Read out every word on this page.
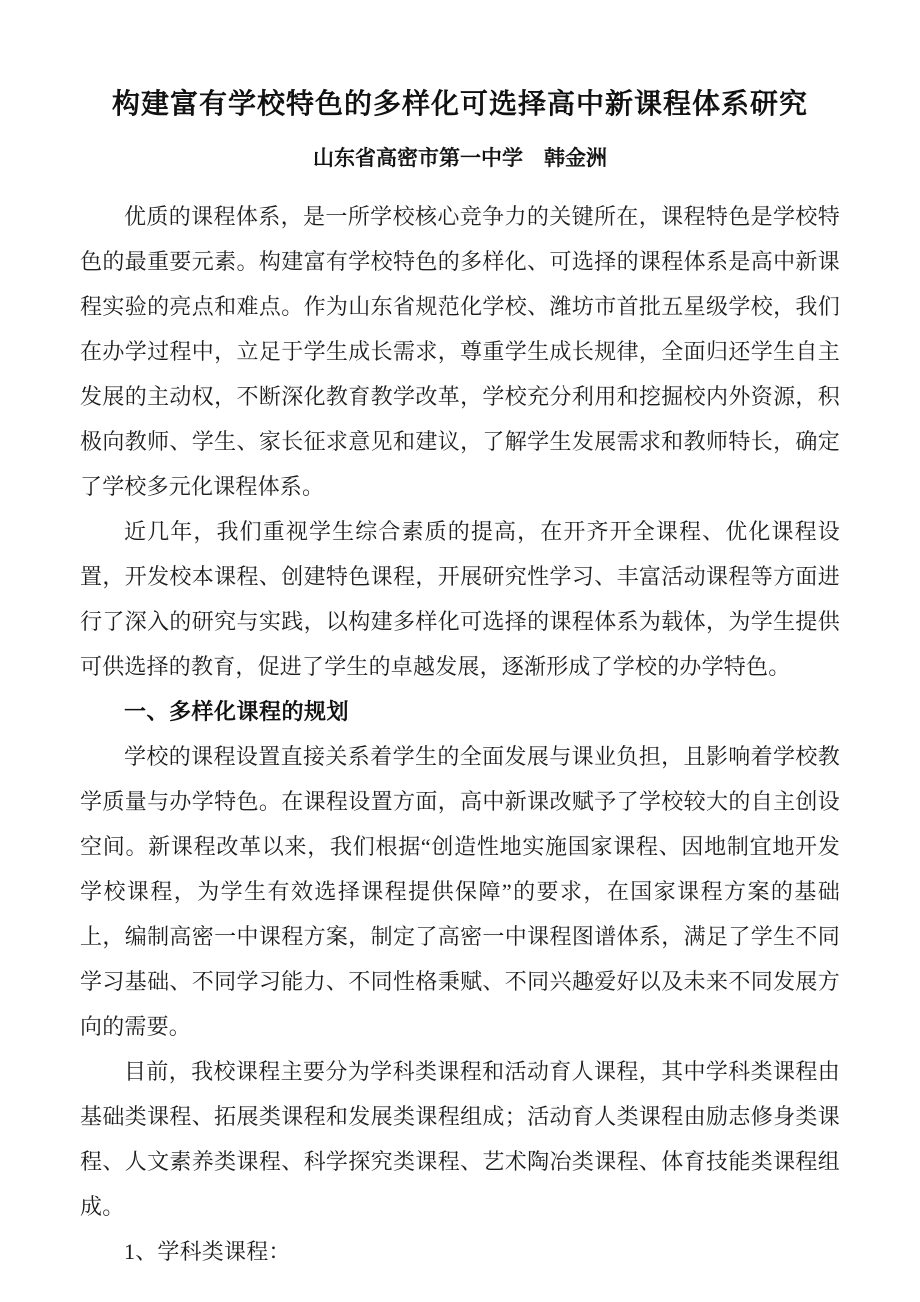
构建富有学校特色的多样化可选择高中新课程体系研究
山东省高密市第一中学　韩金洲

优质的课程体系，是一所学校核心竞争力的关键所在，课程特色是学校特色的最重要元素。构建富有学校特色的多样化、可选择的课程体系是高中新课程实验的亮点和难点。作为山东省规范化学校、潍坊市首批五星级学校，我们在办学过程中，立足于学生成长需求，尊重学生成长规律，全面归还学生自主发展的主动权，不断深化教育教学改革，学校充分利用和挖掘校内外资源，积极向教师、学生、家长征求意见和建议，了解学生发展需求和教师特长，确定了学校多元化课程体系。

近几年，我们重视学生综合素质的提高，在开齐开全课程、优化课程设置，开发校本课程、创建特色课程，开展研究性学习、丰富活动课程等方面进行了深入的研究与实践，以构建多样化可选择的课程体系为载体，为学生提供可供选择的教育，促进了学生的卓越发展，逐渐形成了学校的办学特色。

一、多样化课程的规划

学校的课程设置直接关系着学生的全面发展与课业负担，且影响着学校教学质量与办学特色。在课程设置方面，高中新课改赋予了学校较大的自主创设空间。新课程改革以来，我们根据“创造性地实施国家课程、因地制宜地开发学校课程，为学生有效选择课程提供保障”的要求，在国家课程方案的基础上，编制高密一中课程方案，制定了高密一中课程图谱体系，满足了学生不同学习基础、不同学习能力、不同性格秉赋、不同兴趣爱好以及未来不同发展方向的需要。

目前，我校课程主要分为学科类课程和活动育人课程，其中学科类课程由基础类课程、拓展类课程和发展类课程组成；活动育人类课程由励志修身类课程、人文素养类课程、科学探究类课程、艺术陶冶类课程、体育技能类课程组成。

1、学科类课程：
